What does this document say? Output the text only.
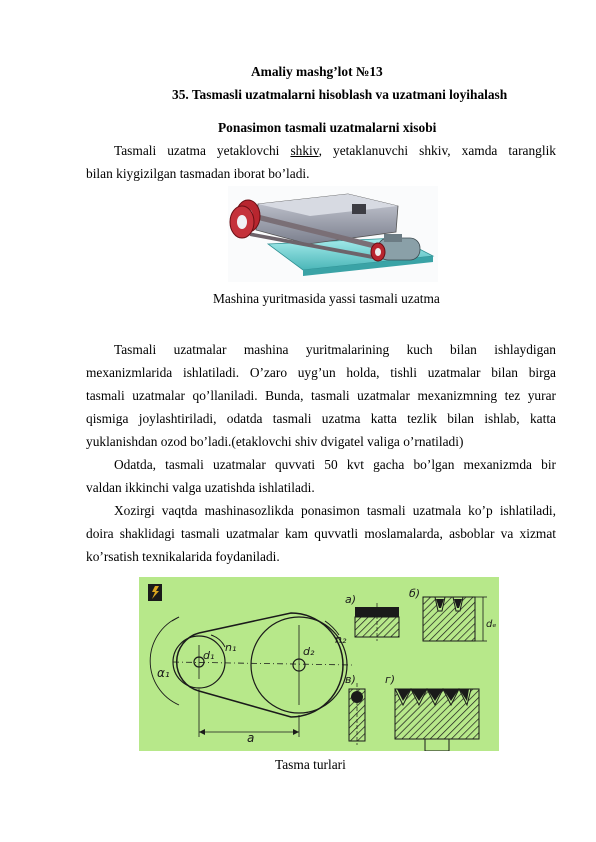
Amaliy mashg’lot №13
35. Tasmasli uzatmalarni hisoblash va uzatmani loyihalash
Ponasimon tasmali uzatmalarni xisobi
Tasmali uzatma yetaklovchi shkiv, yetaklanuvchi shkiv, xamda taranglik
bilan kiygizilgan tasmadan iborat bo’ladi.
Mashina yuritmasida yassi tasmali uzatma
Tasmali uzatmalar mashina yuritmalarining kuch bilan ishlaydigan
mexanizmlarida ishlatiladi. O’zaro uyg’un holda, tishli uzatmalar bilan birga
tasmali uzatmalar qo’llaniladi. Bunda, tasmali uzatmalar mexanizmning tez yurar
qismiga joylashtiriladi, odatda tasmali uzatma katta tezlik bilan ishlab, katta
yuklanishdan ozod bo’ladi.(etaklovchi shiv dvigatel valiga o’rnatiladi)
Odatda, tasmali uzatmalar quvvati 50 kvt gacha bo’lgan mexanizmda bir
valdan ikkinchi valga uzatishda ishlatiladi.
Xozirgi vaqtda mashinasozlikda ponasimon tasmali uzatmala ko’p ishlatiladi,
doira shaklidagi tasmali uzatmalar kam quvvatli moslamalarda, asboblar va xizmat
ko’rsatish texnikalarida foydaniladi.
α₁
d₁
n₁	d₂
n₂
a
а)	б)
dₑ
в)	г)
Tasma turlari
